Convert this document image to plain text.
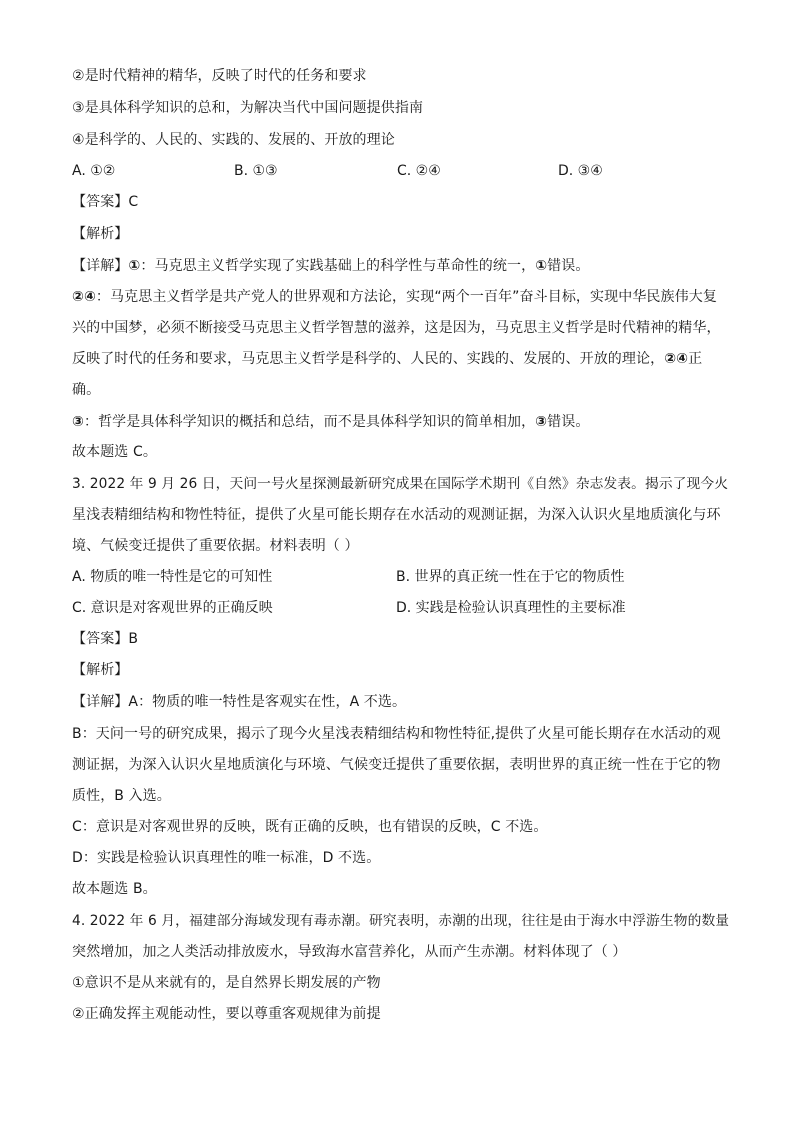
②是时代精神的精华，反映了时代的任务和要求
③是具体科学知识的总和，为解决当代中国问题提供指南
④是科学的、人民的、实践的、发展的、开放的理论
A. ①②	B. ①③	C. ②④	D. ③④
【答案】C
【解析】
【详解】①：马克思主义哲学实现了实践基础上的科学性与革命性的统一，①错误。
②④：马克思主义哲学是共产党人的世界观和方法论，实现“两个一百年”奋斗目标，实现中华民族伟大复
兴的中国梦，必须不断接受马克思主义哲学智慧的滋养，这是因为，马克思主义哲学是时代精神的精华，
反映了时代的任务和要求，马克思主义哲学是科学的、人民的、实践的、发展的、开放的理论，②④正
确。
③：哲学是具体科学知识的概括和总结，而不是具体科学知识的简单相加，③错误。
故本题选 C。
3. 2022 年 9 月 26 日，天问一号火星探测最新研究成果在国际学术期刊《自然》杂志发表。揭示了现今火
星浅表精细结构和物性特征，提供了火星可能长期存在水活动的观测证据，为深入认识火星地质演化与环
境、气候变迁提供了重要依据。材料表明（ ）
A. 物质的唯一特性是它的可知性	B. 世界的真正统一性在于它的物质性
C. 意识是对客观世界的正确反映	D. 实践是检验认识真理性的主要标准
【答案】B
【解析】
【详解】A：物质的唯一特性是客观实在性，A 不选。
B：天问一号的研究成果，揭示了现今火星浅表精细结构和物性特征,提供了火星可能长期存在水活动的观
测证据，为深入认识火星地质演化与环境、气候变迁提供了重要依据，表明世界的真正统一性在于它的物
质性，B 入选。
C：意识是对客观世界的反映，既有正确的反映，也有错误的反映，C 不选。
D：实践是检验认识真理性的唯一标准，D 不选。
故本题选 B。
4. 2022 年 6 月，福建部分海域发现有毒赤潮。研究表明，赤潮的出现，往往是由于海水中浮游生物的数量
突然增加，加之人类活动排放废水，导致海水富营养化，从而产生赤潮。材料体现了（ ）
①意识不是从来就有的，是自然界长期发展的产物
②正确发挥主观能动性，要以尊重客观规律为前提
